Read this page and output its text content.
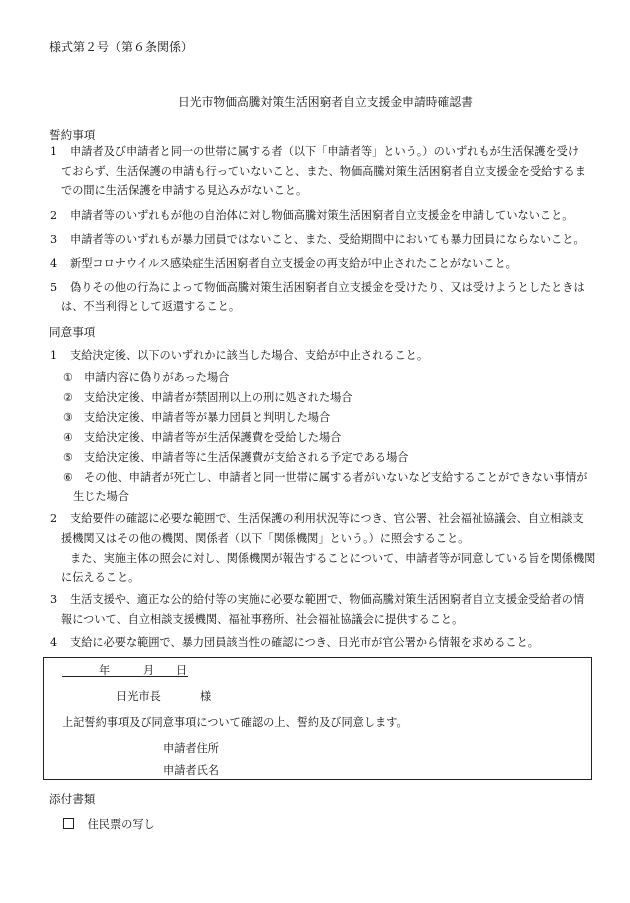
様式第２号（第６条関係）
日光市物価高騰対策生活困窮者自立支援金申請時確認書
誓約事項
1 申請者及び申請者と同一の世帯に属する者（以下「申請者等」という。）のいずれもが生活保護を受け
ておらず、生活保護の申請も行っていないこと、また、物価高騰対策生活困窮者自立支援金を受給するま
での間に生活保護を申請する見込みがないこと。
2 申請者等のいずれもが他の自治体に対し物価高騰対策生活困窮者自立支援金を申請していないこと。
3 申請者等のいずれもが暴力団員ではないこと、また、受給期間中においても暴力団員にならないこと。
4 新型コロナウイルス感染症生活困窮者自立支援金の再支給が中止されたことがないこと。
5 偽りその他の行為によって物価高騰対策生活困窮者自立支援金を受けたり、又は受けようとしたときは
は、不当利得として返還すること。
同意事項
1 支給決定後、以下のいずれかに該当した場合、支給が中止されること。
① 申請内容に偽りがあった場合
② 支給決定後、申請者が禁固刑以上の刑に処された場合
③ 支給決定後、申請者等が暴力団員と判明した場合
④ 支給決定後、申請者等が生活保護費を受給した場合
⑤ 支給決定後、申請者等に生活保護費が支給される予定である場合
⑥ その他、申請者が死亡し、申請者と同一世帯に属する者がいないなど支給することができない事情が
生じた場合
2 支給要件の確認に必要な範囲で、生活保護の利用状況等につき、官公署、社会福祉協議会、自立相談支
援機関又はその他の機関、関係者（以下「関係機関」という。）に照会すること。
また、実施主体の照会に対し、関係機関が報告することについて、申請者等が同意している旨を関係機関
に伝えること。
3 生活支援や、適正な公的給付等の実施に必要な範囲で、物価高騰対策生活困窮者自立支援金受給者の情
報について、自立相談支援機関、福祉事務所、社会福祉協議会に提供すること。
4 支給に必要な範囲で、暴力団員該当性の確認につき、日光市が官公署から情報を求めること。
年	月 日
日光市長	様
上記誓約事項及び同意事項について確認の上、誓約及び同意します。
申請者住所
申請者氏名
添付書類
住民票の写し
